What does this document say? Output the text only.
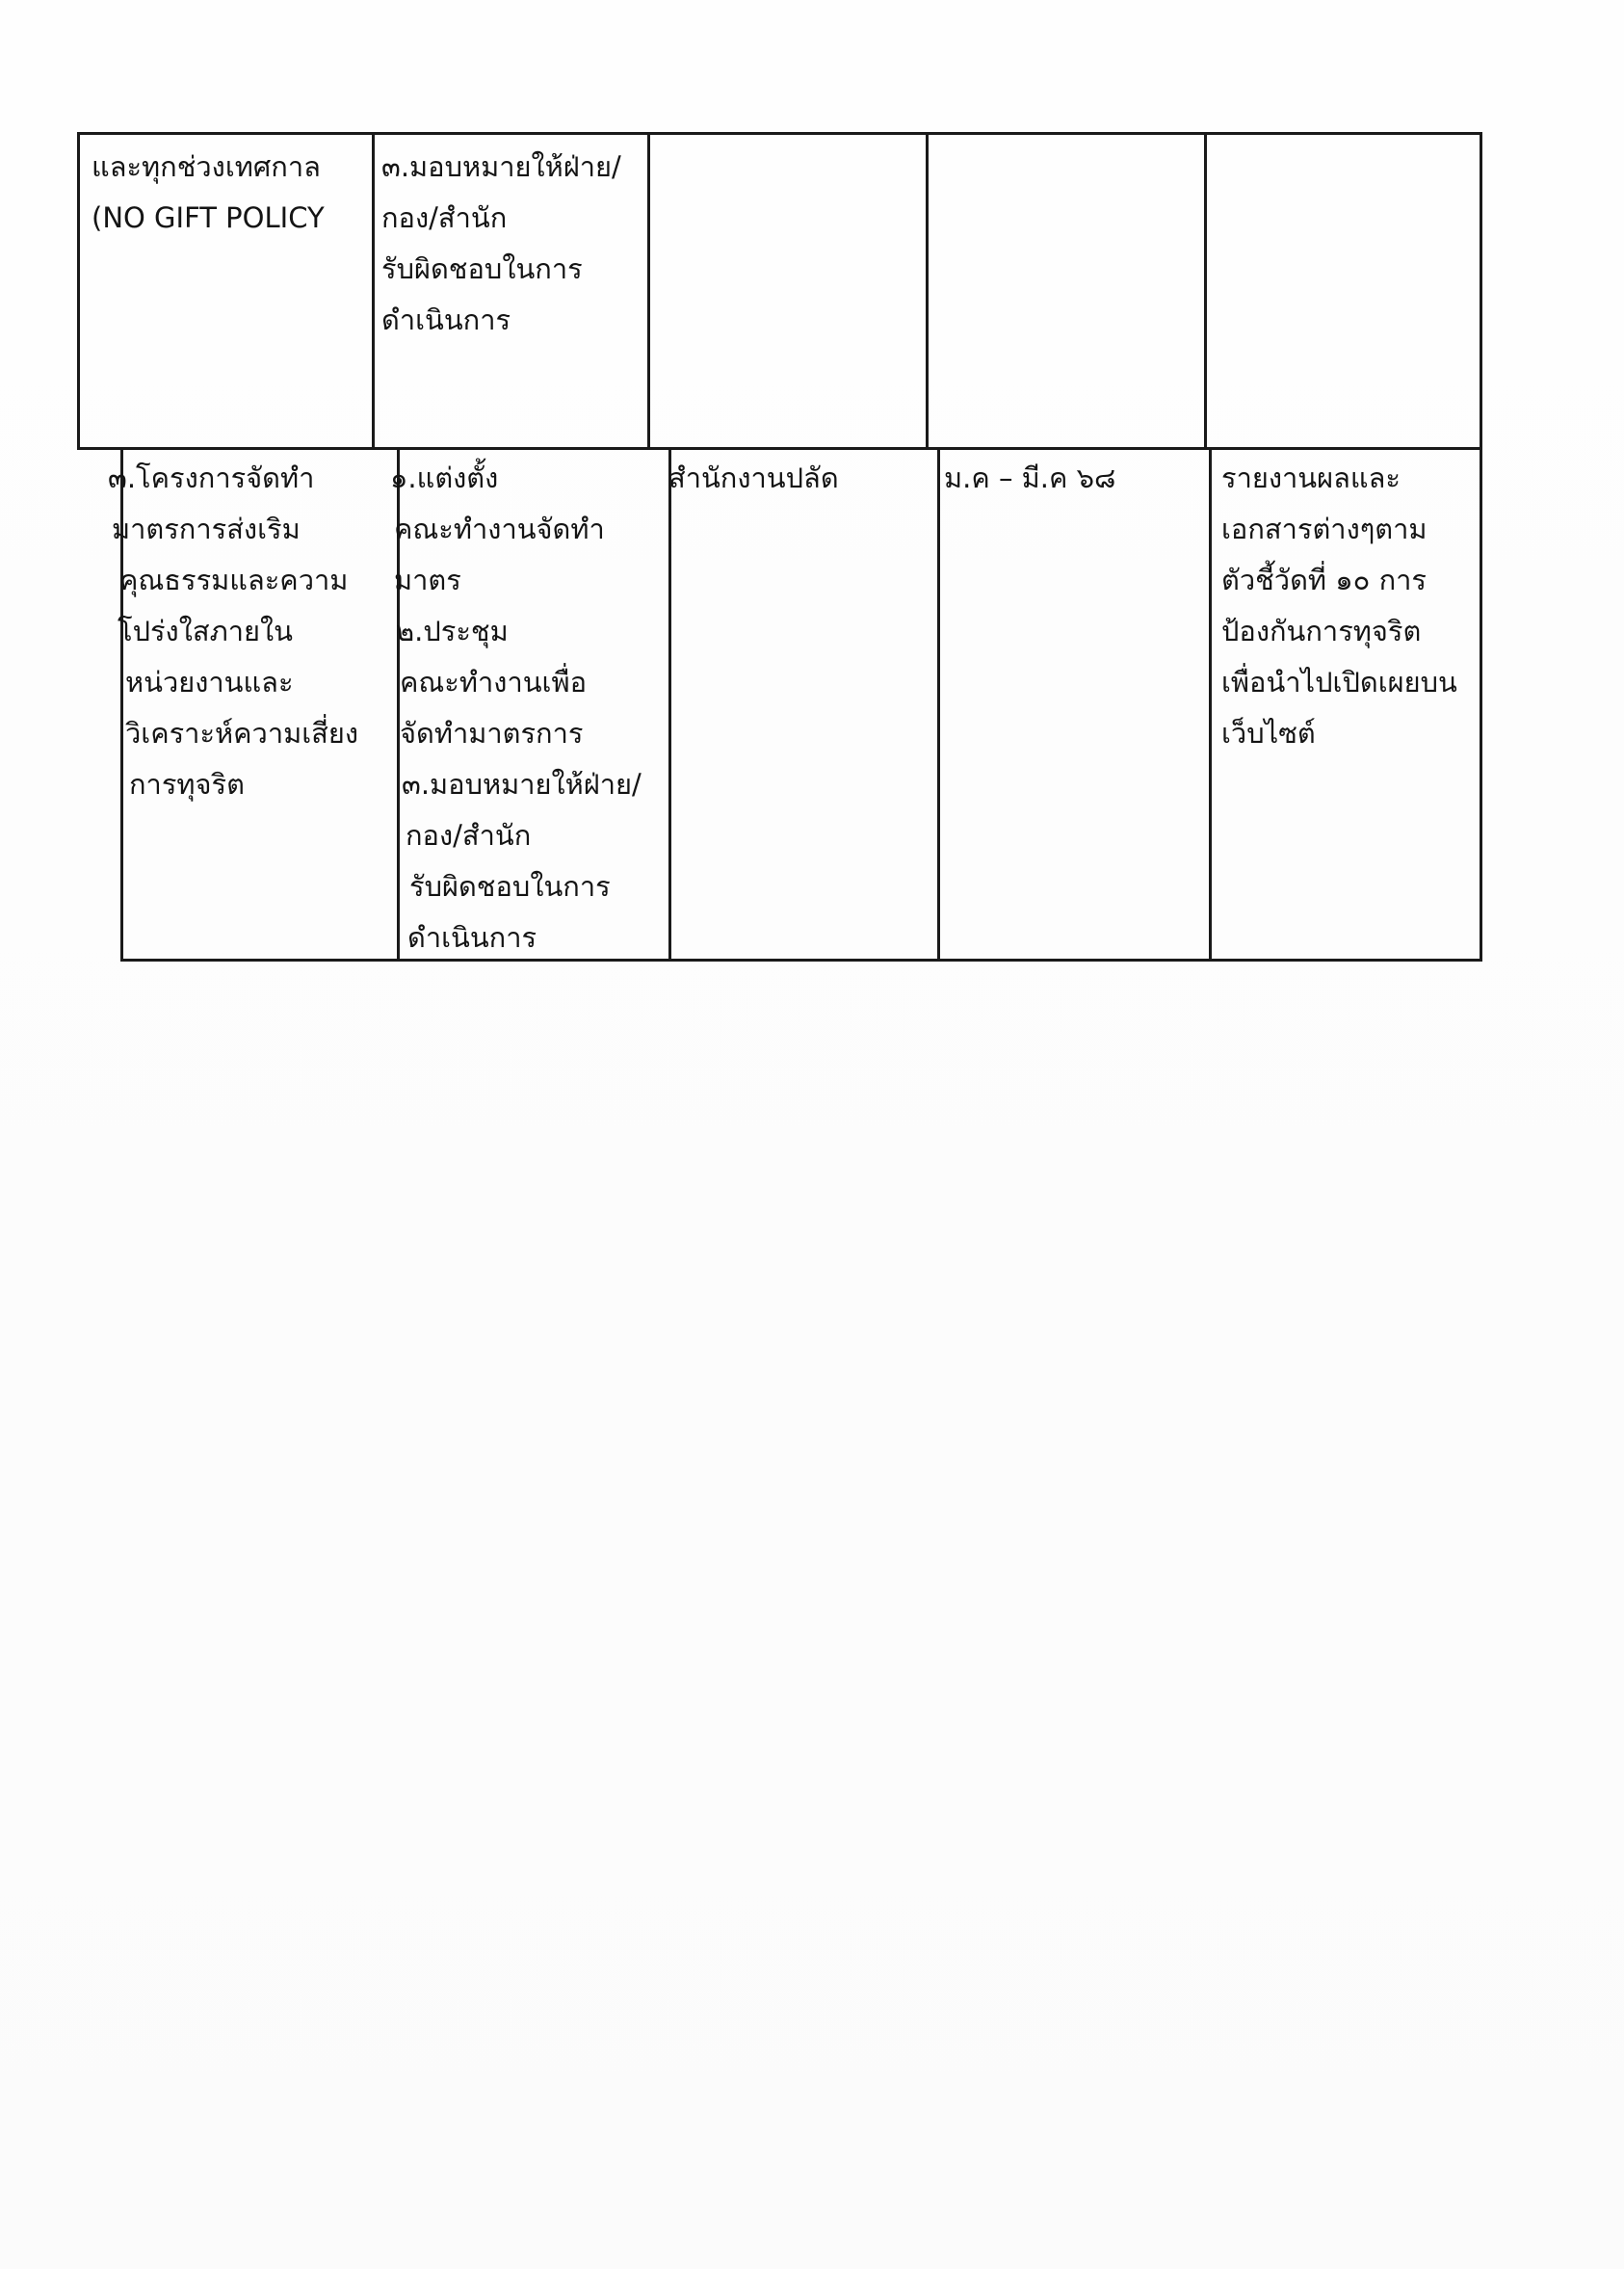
และทุกช่วงเทศกาล
(NO GIFT POLICY
๓.มอบหมายให้ฝ่าย/
กอง/สำนัก
รับผิดชอบในการ
ดำเนินการ
๓.โครงการจัดทำ
มาตรการส่งเริม
คุณธรรมและความ
โปร่งใสภายใน
หน่วยงานและ
วิเคราะห์ความเสี่ยง
การทุจริต
๑.แต่งตั้ง
คณะทำงานจัดทำ
มาตร
๒.ประชุม
คณะทำงานเพื่อ
จัดทำมาตรการ
๓.มอบหมายให้ฝ่าย/
กอง/สำนัก
รับผิดชอบในการ
ดำเนินการ
สำนักงานปลัด	ม.ค – มี.ค ๖๘	รายงานผลและ
เอกสารต่างๆตาม
ตัวชี้วัดที่ ๑๐ การ
ป้องกันการทุจริต
เพื่อนำไปเปิดเผยบน
เว็บไซต์
